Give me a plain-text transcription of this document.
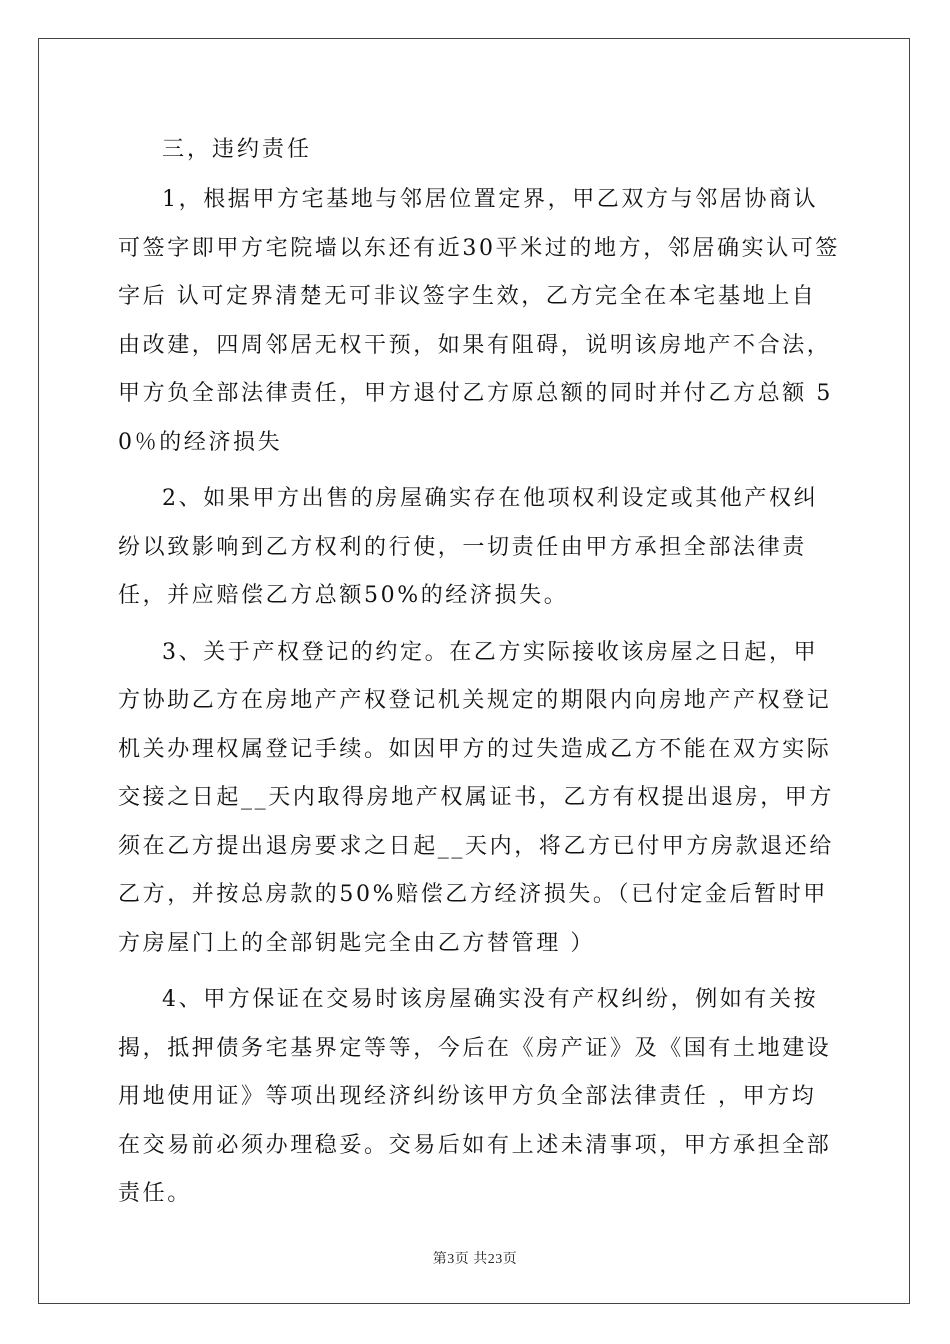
三，违约责任

1，根据甲方宅基地与邻居位置定界，甲乙双方与邻居协商认可签字即甲方宅院墙以东还有近30平米过的地方，邻居确实认可签字后 认可定界清楚无可非议签字生效，乙方完全在本宅基地上自由改建，四周邻居无权干预，如果有阻碍，说明该房地产不合法，甲方负全部法律责任，甲方退付乙方原总额的同时并付乙方总额 50％的经济损失

2、如果甲方出售的房屋确实存在他项权利设定或其他产权纠纷以致影响到乙方权利的行使，一切责任由甲方承担全部法律责任，并应赔偿乙方总额50%的经济损失。

3、关于产权登记的约定。在乙方实际接收该房屋之日起，甲方协助乙方在房地产产权登记机关规定的期限内向房地产产权登记机关办理权属登记手续。如因甲方的过失造成乙方不能在双方实际交接之日起__天内取得房地产权属证书，乙方有权提出退房，甲方须在乙方提出退房要求之日起__天内，将乙方已付甲方房款退还给乙方，并按总房款的50%赔偿乙方经济损失。（已付定金后暂时甲方房屋门上的全部钥匙完全由乙方替管理 ）

4、甲方保证在交易时该房屋确实没有产权纠纷，例如有关按揭，抵押债务宅基界定等等，今后在《房产证》及《国有土地建设用地使用证》等项出现经济纠纷该甲方负全部法律责任 ，甲方均在交易前必须办理稳妥。交易后如有上述未清事项，甲方承担全部责任。

第3页 共23页
